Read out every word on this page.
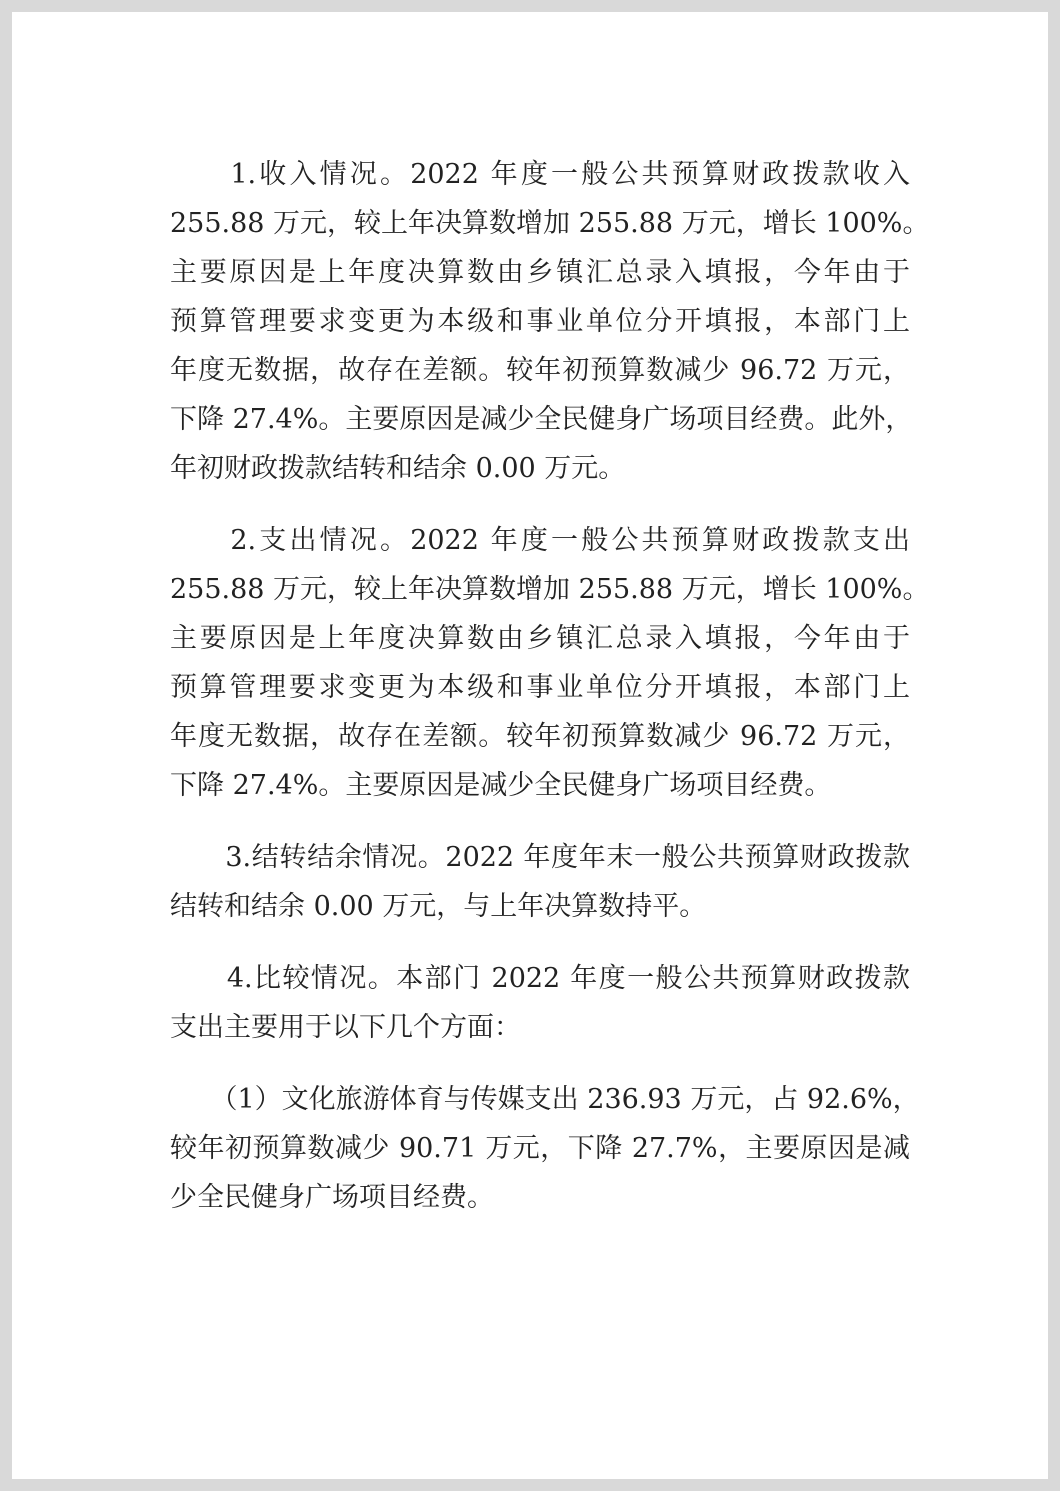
　　1.收入情况。2022 年度一般公共预算财政拨款收入
255.88 万元，较上年决算数增加 255.88 万元，增长 100%。
主要原因是上年度决算数由乡镇汇总录入填报，今年由于
预算管理要求变更为本级和事业单位分开填报，本部门上
年度无数据，故存在差额。较年初预算数减少 96.72 万元，
下降 27.4%。主要原因是减少全民健身广场项目经费。此外，
年初财政拨款结转和结余 0.00 万元。
　　2.支出情况。2022 年度一般公共预算财政拨款支出
255.88 万元，较上年决算数增加 255.88 万元，增长 100%。
主要原因是上年度决算数由乡镇汇总录入填报，今年由于
预算管理要求变更为本级和事业单位分开填报，本部门上
年度无数据，故存在差额。较年初预算数减少 96.72 万元，
下降 27.4%。主要原因是减少全民健身广场项目经费。
　　3.结转结余情况。2022 年度年末一般公共预算财政拨款
结转和结余 0.00 万元，与上年决算数持平。
　　4.比较情况。本部门 2022 年度一般公共预算财政拨款
支出主要用于以下几个方面：
　　（1）文化旅游体育与传媒支出 236.93 万元，占 92.6%，
较年初预算数减少 90.71 万元，下降 27.7%，主要原因是减
少全民健身广场项目经费。
